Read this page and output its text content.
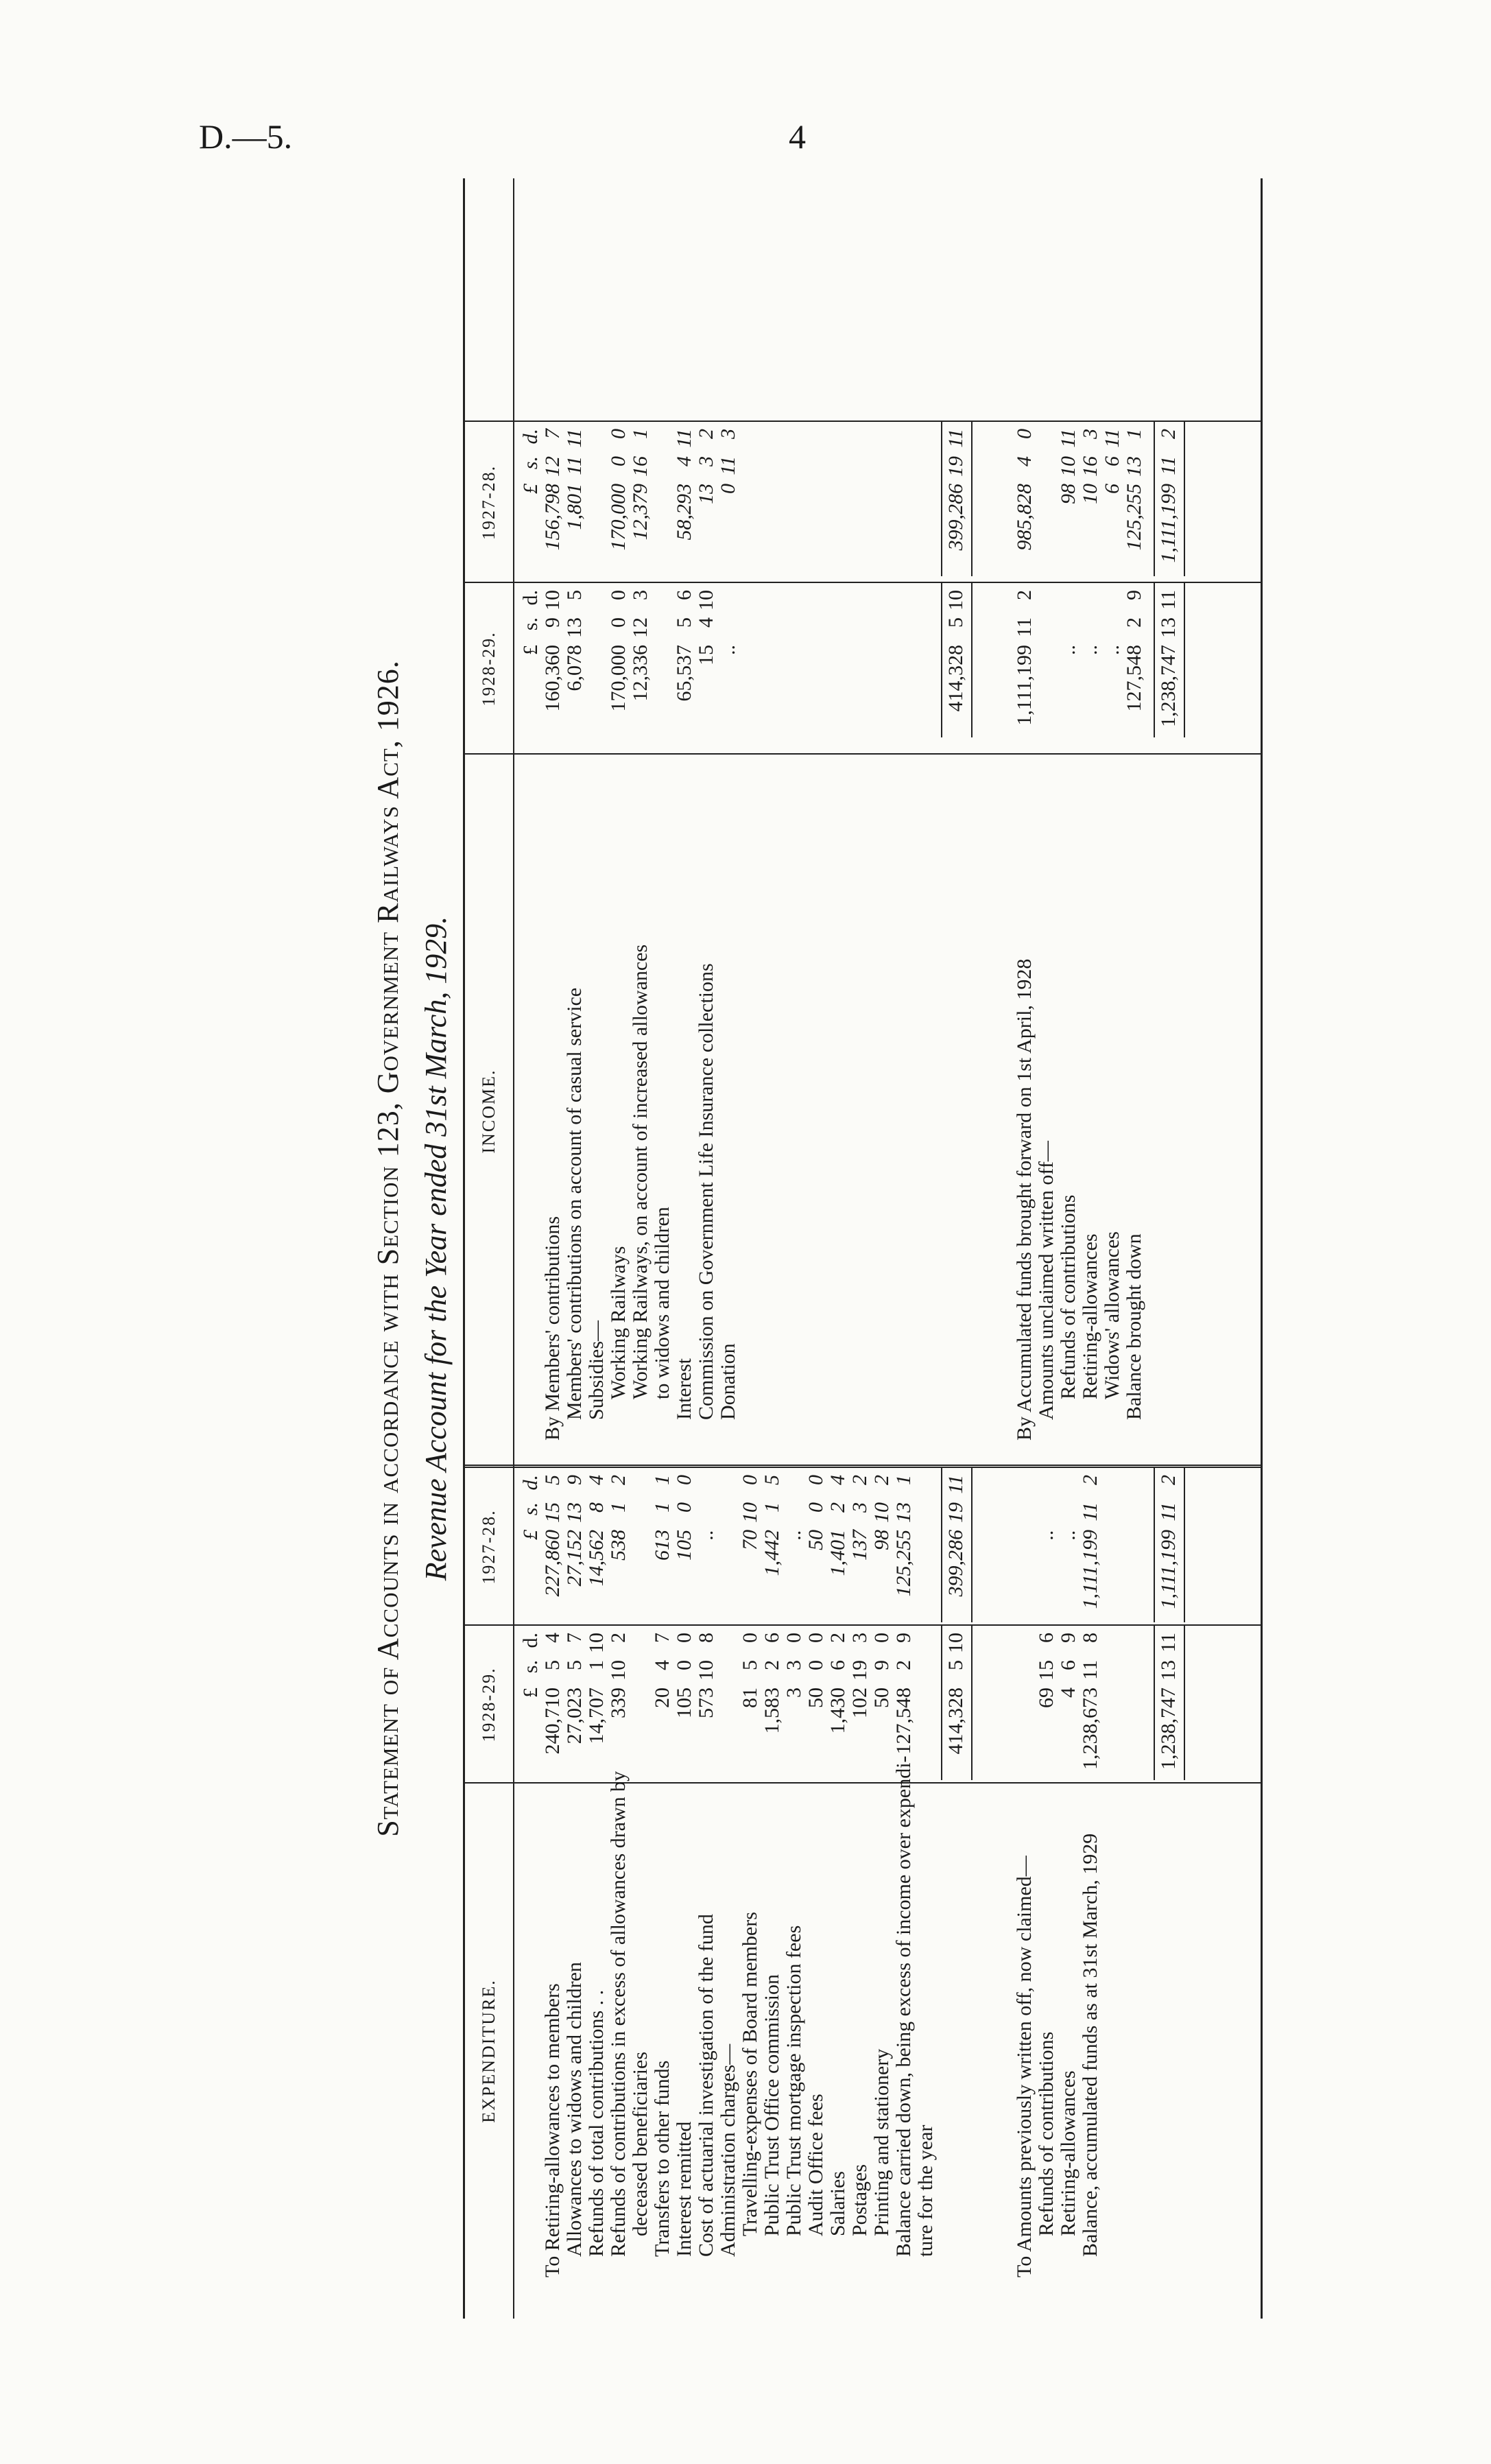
D.—5.	4
Statement of Accounts in accordance with Section 123, Government Railways Act, 1926. Revenue Account for the Year ended 31st March, 1929.
EXPENDITURE.
1928-29.
1927-28.
INCOME.
1928-29.
1927-28.
£
s.
d.
£
s.
d.
£
s.
d.
£
s.
d.
To Retiring-allowances to members
240,710
5
4
227,860
15
5
Allowances to widows and children
27,023
5
7
27,152
13
9
Refunds of total contributions . .
14,707
1
10
14,562
8
4
Refunds of contributions in excess of allowances drawn by
339
10
2
538
1
2
deceased beneficiaries Transfers to other funds
20
4
7
613
1
1
Interest remitted
105
0
0
105
0
0
Cost of actuarial investigation of the fund
573
10
8
..
Administration charges— Travelling-expenses of Board members
81
5
0
70
10
0
Public Trust Office commission
1,583
2
6
1,442
1
5
Public Trust mortgage inspection fees
3
3
0
..
Audit Office fees
50
0
0
50
0
0
Salaries
1,430
6
2
1,401
2
4
Postages
102
19
3
137
3
2
Printing and stationery
50
9
0
98
10
2
Balance carried down, being excess of income over expendi-
127,548
2
9
125,255
13
1
ture for the year
By Members' contributions
160,360
9
10
156,798
12
7
Members' contributions on account of casual service
6,078
13
5
1,801
11
11
Subsidies— Working Railways
170,000
0
0
170,000
0
0
Working Railways, on account of increased allowances
12,336
12
3
12,379
16
1
to widows and children Interest
65,537
5
6
58,293
4
11
Commission on Government Life Insurance collections
15
4
10
13
3
2
Donation
..
0
11
3
414,328
5
10
399,286
19
11
414,328
5
10
399,286
19
11
To Amounts previously written off, now claimed— Refunds of contributions
69
15
6
..
Retiring-allowances
4
6
9
..
Balance, accumulated funds as at 31st March, 1929
1,238,673
11
8
1,111,199
11
2
By Accumulated funds brought forward on 1st April, 1928
1,111,199
11
2
985,828
4
0
Amounts unclaimed written off— Refunds of contributions
..
98
10
11
Retiring-allowances
..
10
16
3
Widows' allowances
..
6
6
11
Balance brought down
127,548
2
9
125,255
13
1
1,238,747
13
11
1,111,199
11
2
1,238,747
13
11
1,111,199
11
2
